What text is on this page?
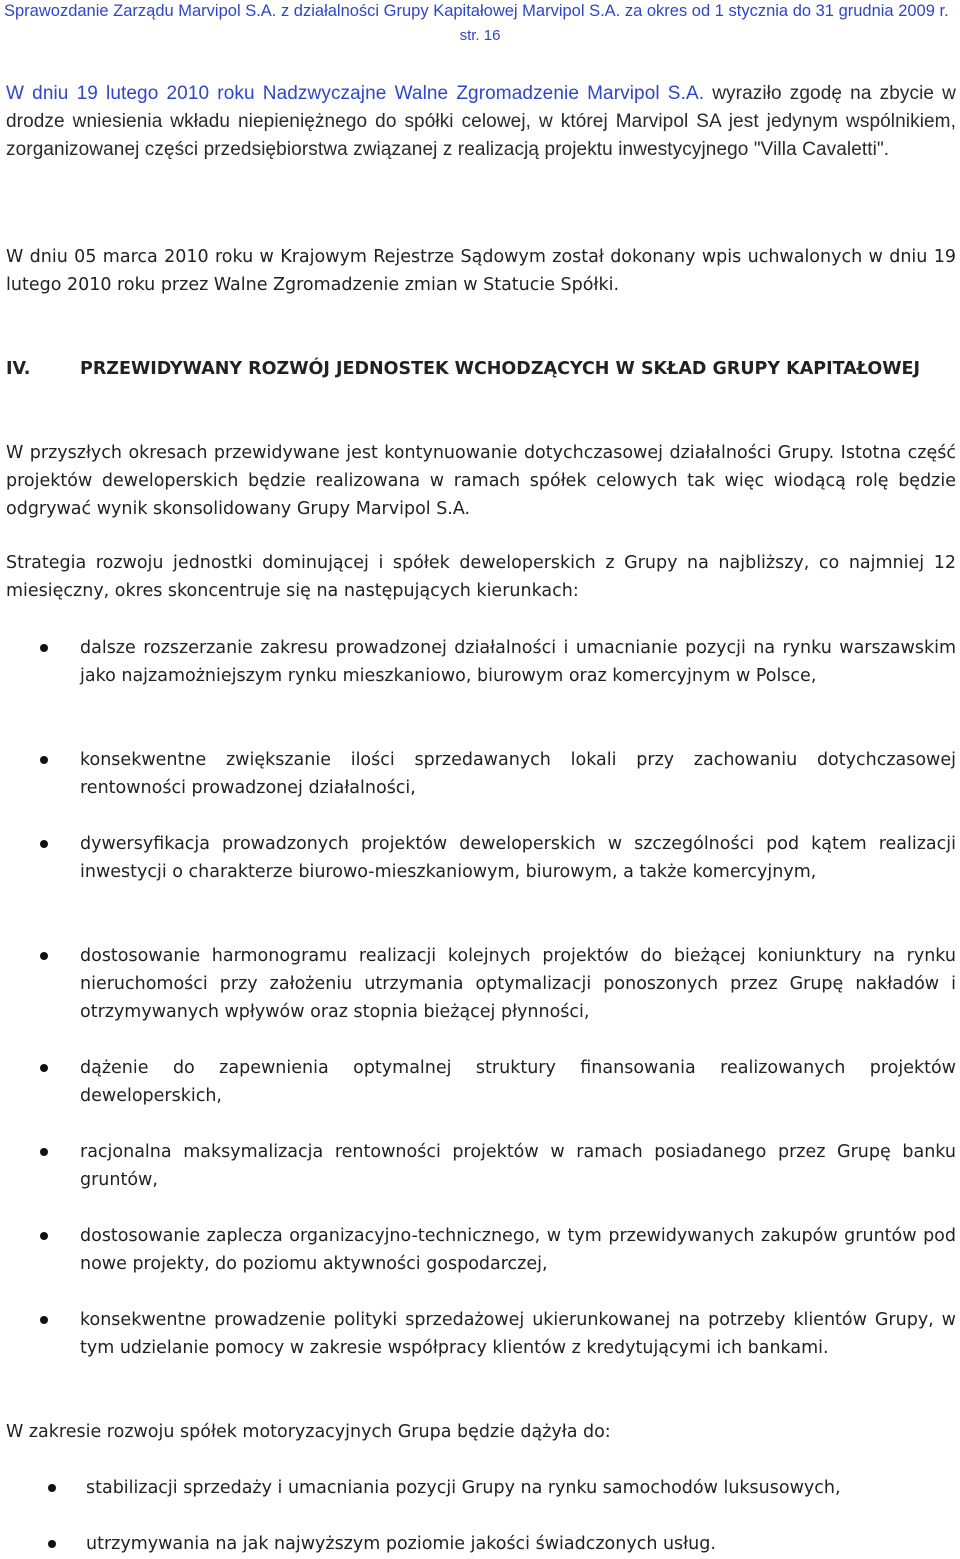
Sprawozdanie Zarządu Marvipol S.A. z działalności Grupy Kapitałowej Marvipol S.A. za okres od 1 stycznia do 31 grudnia 2009 r.
str. 16
W dniu 19 lutego 2010 roku Nadzwyczajne Walne Zgromadzenie Marvipol S.A. wyraziło zgodę na zbycie w drodze wniesienia wkładu niepieniężnego do spółki celowej, w której Marvipol SA jest jedynym wspólnikiem, zorganizowanej części przedsiębiorstwa związanej z realizacją projektu inwestycyjnego "Villa Cavaletti".
W dniu 05 marca 2010 roku w Krajowym Rejestrze Sądowym został dokonany wpis uchwalonych w dniu 19 lutego 2010 roku przez Walne Zgromadzenie zmian w Statucie Spółki.
IV.	PRZEWIDYWANY ROZWÓJ JEDNOSTEK WCHODZĄCYCH W SKŁAD GRUPY KAPITAŁOWEJ
W przyszłych okresach przewidywane jest kontynuowanie dotychczasowej działalności Grupy. Istotna część projektów deweloperskich będzie realizowana w ramach spółek celowych tak więc wiodącą rolę będzie odgrywać wynik skonsolidowany Grupy Marvipol S.A.
Strategia rozwoju jednostki dominującej i spółek deweloperskich z Grupy na najbliższy, co najmniej 12 miesięczny, okres skoncentruje się na następujących kierunkach:
dalsze rozszerzanie zakresu prowadzonej działalności i umacnianie pozycji na rynku warszawskim jako najzamożniejszym rynku mieszkaniowo, biurowym oraz komercyjnym w Polsce,
konsekwentne zwiększanie ilości sprzedawanych lokali przy zachowaniu dotychczasowej rentowności prowadzonej działalności,
dywersyfikacja prowadzonych projektów deweloperskich w szczególności pod kątem realizacji inwestycji o charakterze biurowo-mieszkaniowym, biurowym, a także komercyjnym,
dostosowanie harmonogramu realizacji kolejnych projektów do bieżącej koniunktury na rynku nieruchomości przy założeniu utrzymania optymalizacji ponoszonych przez Grupę nakładów i otrzymywanych wpływów oraz stopnia bieżącej płynności,
dążenie do zapewnienia optymalnej struktury finansowania realizowanych projektów deweloperskich,
racjonalna maksymalizacja rentowności projektów w ramach posiadanego przez Grupę banku gruntów,
dostosowanie zaplecza organizacyjno-technicznego, w tym przewidywanych zakupów gruntów pod nowe projekty, do poziomu aktywności gospodarczej,
konsekwentne prowadzenie polityki sprzedażowej ukierunkowanej na potrzeby klientów Grupy, w tym udzielanie pomocy w zakresie współpracy klientów z kredytującymi ich bankami.
W zakresie rozwoju spółek motoryzacyjnych Grupa będzie dążyła do:
stabilizacji sprzedaży i umacniania pozycji Grupy na rynku samochodów luksusowych,
utrzymywania na jak najwyższym poziomie jakości świadczonych usług.
